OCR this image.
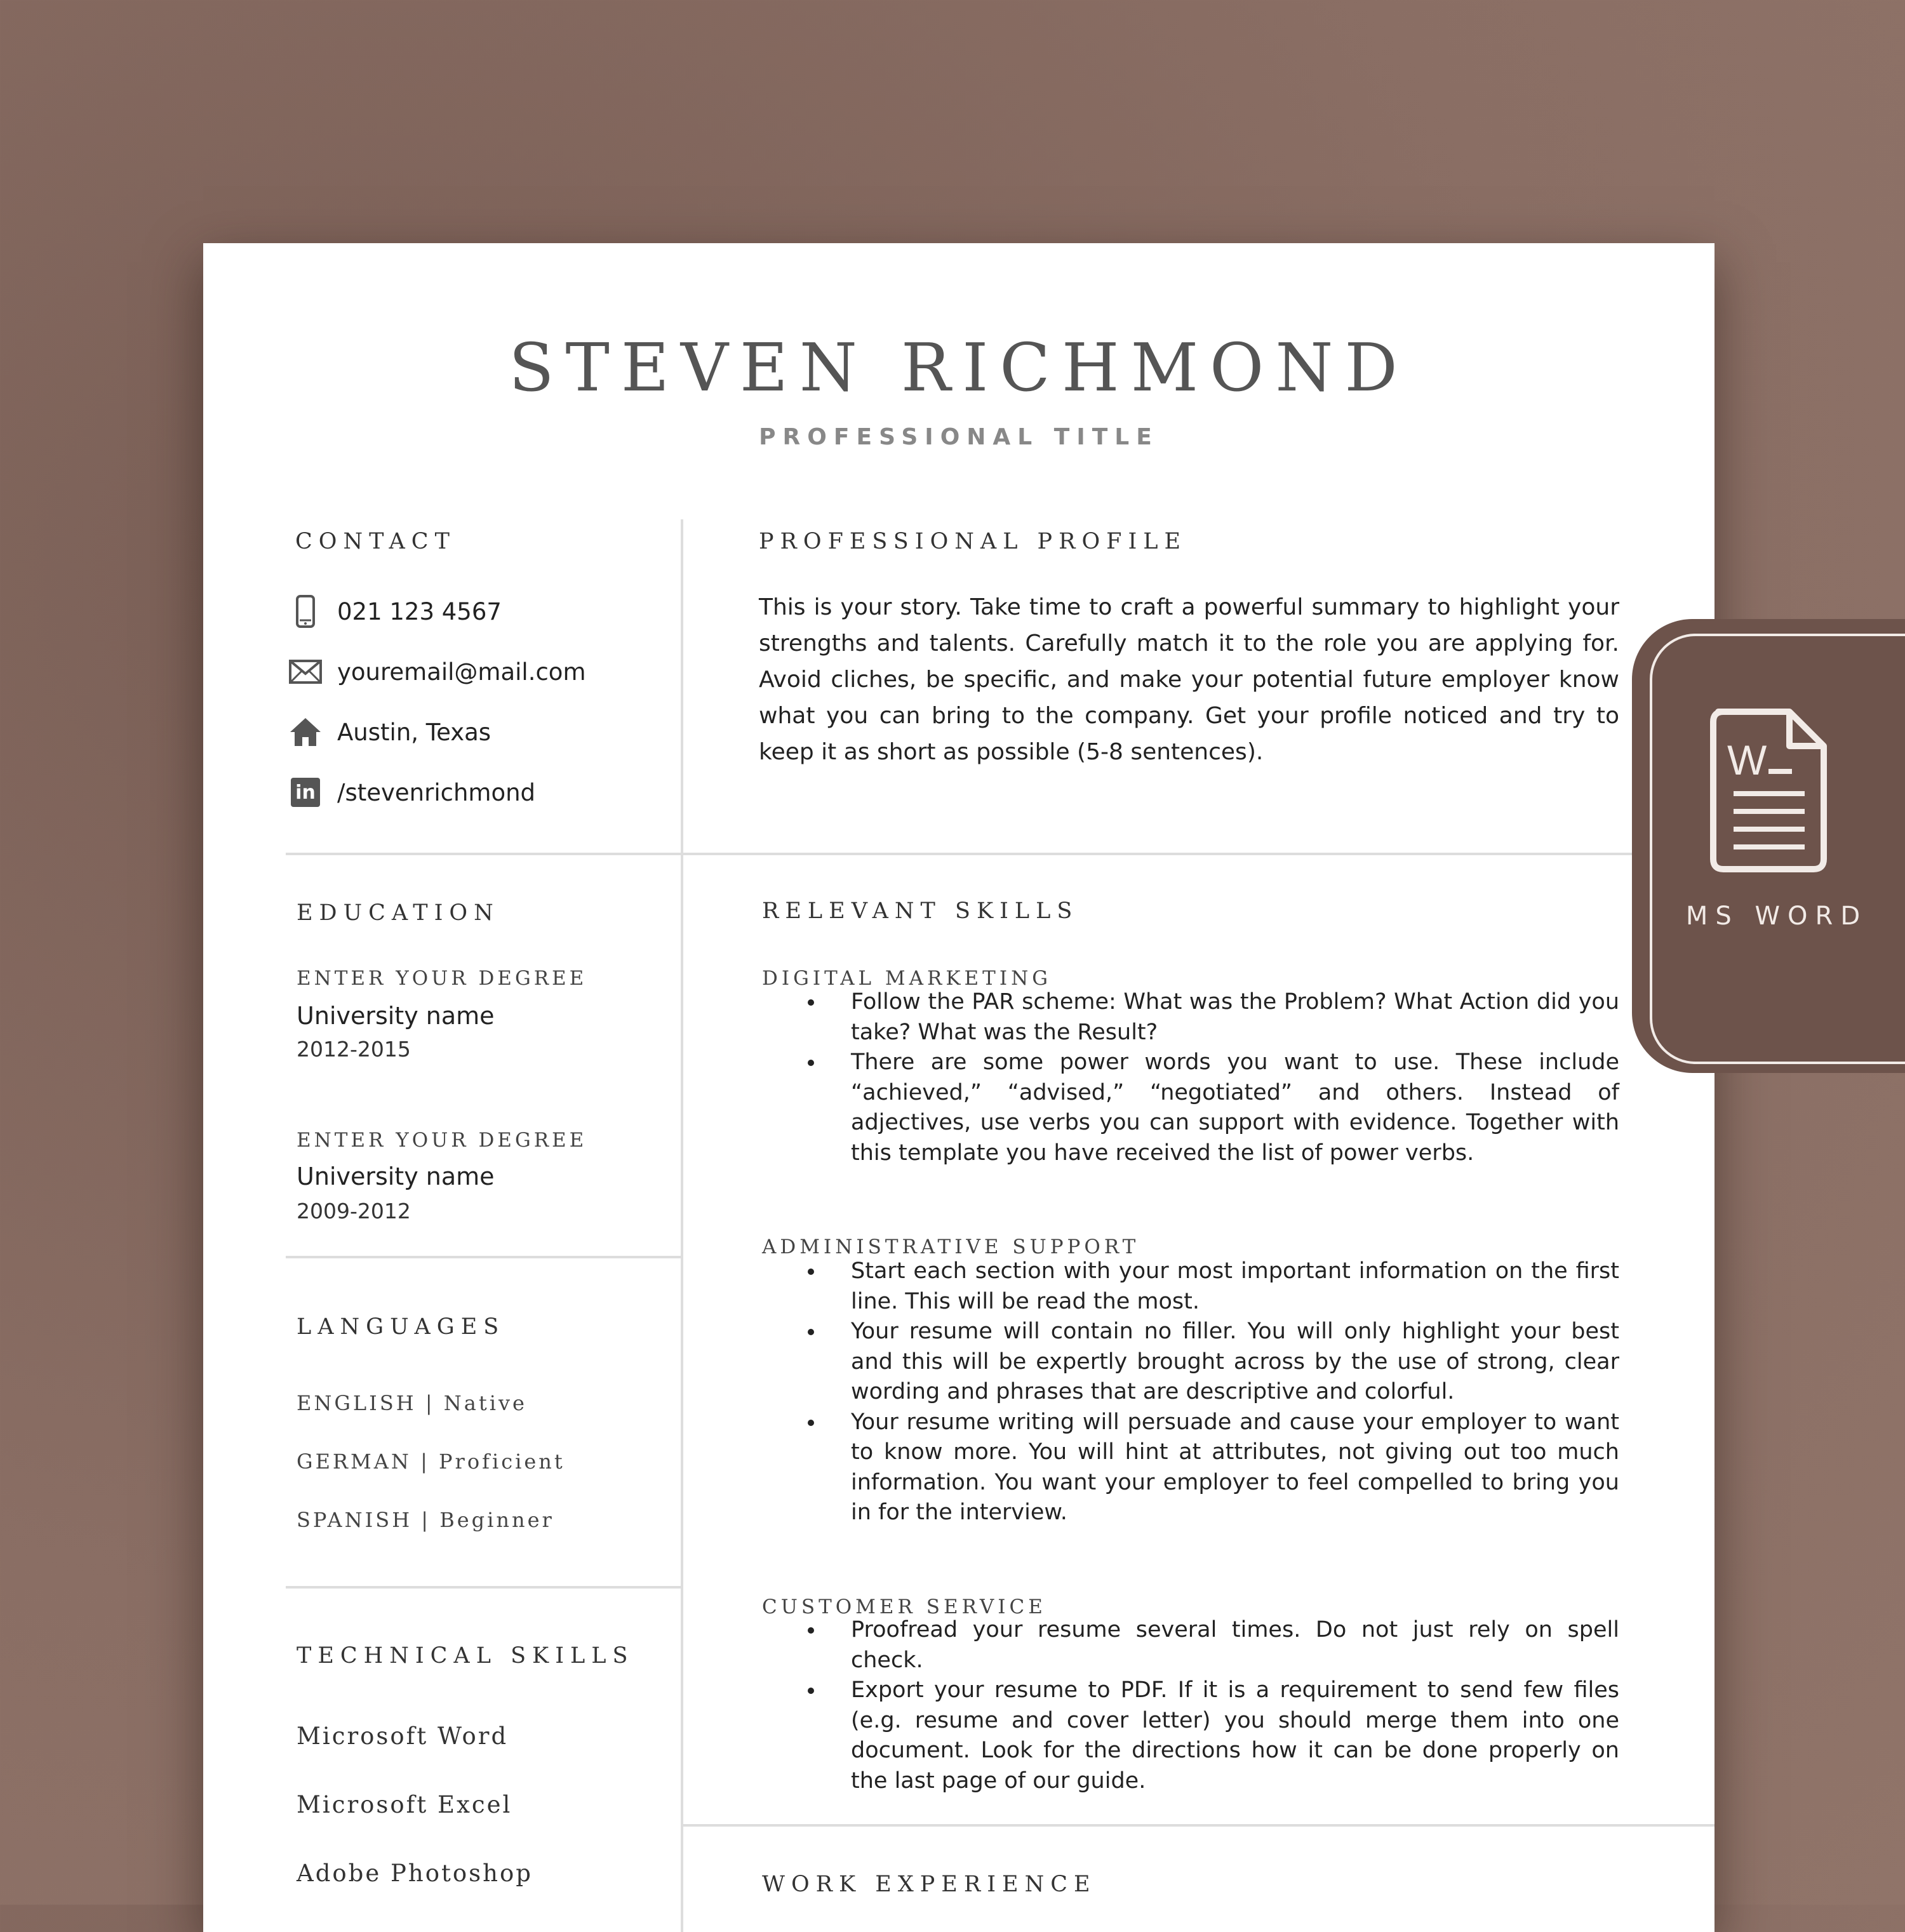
STEVEN RICHMOND
PROFESSIONAL TITLE
CONTACT
021 123 4567
youremail@mail.com
Austin, Texas
in /stevenrichmond
EDUCATION
ENTER YOUR DEGREE
University name
2012-2015
ENTER YOUR DEGREE
University name
2009-2012
LANGUAGES
ENGLISH | Native
GERMAN | Proficient
SPANISH | Beginner
TECHNICAL SKILLS
Microsoft Word
Microsoft Excel
Adobe Photoshop
PROFESSIONAL PROFILE
This is your story. Take time to craft a powerful summary to highlight your strengths and talents. Carefully match it to the role you are applying for. Avoid cliches, be specific, and make your potential future employer know what you can bring to the company. Get your profile noticed and try to keep it as short as possible (5-8 sentences).
RELEVANT SKILLS
DIGITAL MARKETING
Follow the PAR scheme: What was the Problem? What Action did you take? What was the Result?
There are some power words you want to use. These include “achieved,” “advised,” “negotiated” and others. Instead of adjectives, use verbs you can support with evidence. Together with this template you have received the list of power verbs.
ADMINISTRATIVE SUPPORT
Start each section with your most important information on the first line. This will be read the most.
Your resume will contain no filler. You will only highlight your best and this will be expertly brought across by the use of strong, clear wording and phrases that are descriptive and colorful.
Your resume writing will persuade and cause your employer to want to know more. You will hint at attributes, not giving out too much information. You want your employer to feel compelled to bring you in for the interview.
CUSTOMER SERVICE
Proofread your resume several times. Do not just rely on spell check.
Export your resume to PDF. If it is a requirement to send few files (e.g. resume and cover letter) you should merge them into one document. Look for the directions how it can be done properly on the last page of our guide.
WORK EXPERIENCE
W
MS WORD
